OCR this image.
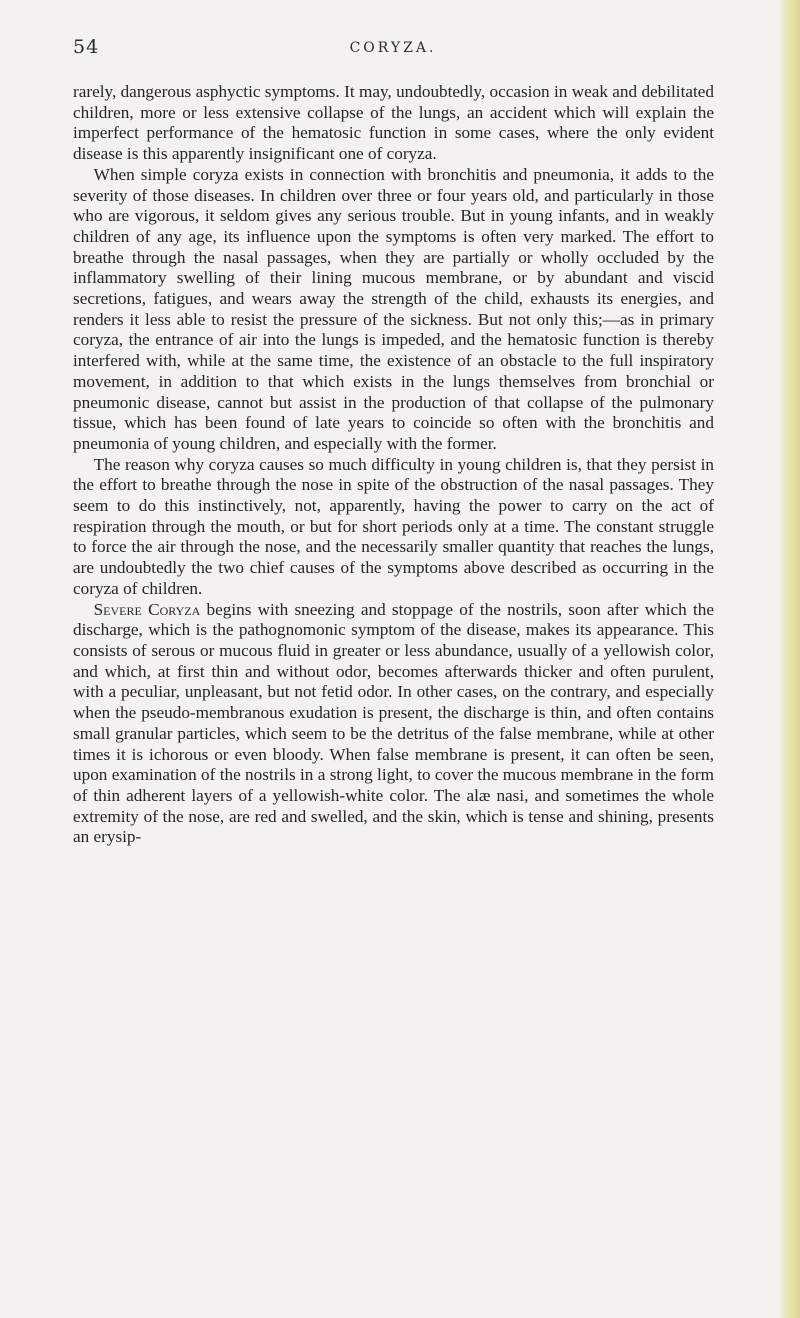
54	CORYZA.

rarely, dangerous asphyctic symptoms. It may, undoubtedly, occasion in weak and debilitated children, more or less extensive collapse of the lungs, an accident which will explain the imperfect performance of the hematosic function in some cases, where the only evident disease is this apparently insignificant one of coryza.

When simple coryza exists in connection with bronchitis and pneumonia, it adds to the severity of those diseases. In children over three or four years old, and particularly in those who are vigorous, it seldom gives any serious trouble. But in young infants, and in weakly children of any age, its influence upon the symptoms is often very marked. The effort to breathe through the nasal passages, when they are partially or wholly occluded by the inflammatory swelling of their lining mucous membrane, or by abundant and viscid secretions, fatigues, and wears away the strength of the child, exhausts its energies, and renders it less able to resist the pressure of the sickness. But not only this;—as in primary coryza, the entrance of air into the lungs is impeded, and the hematosic function is thereby interfered with, while at the same time, the existence of an obstacle to the full inspiratory movement, in addition to that which exists in the lungs themselves from bronchial or pneumonic disease, cannot but assist in the production of that collapse of the pulmonary tissue, which has been found of late years to coincide so often with the bronchitis and pneumonia of young children, and especially with the former.

The reason why coryza causes so much difficulty in young children is, that they persist in the effort to breathe through the nose in spite of the obstruction of the nasal passages. They seem to do this instinctively, not, apparently, having the power to carry on the act of respiration through the mouth, or but for short periods only at a time. The constant struggle to force the air through the nose, and the necessarily smaller quantity that reaches the lungs, are undoubtedly the two chief causes of the symptoms above described as occurring in the coryza of children.

Severe Coryza begins with sneezing and stoppage of the nostrils, soon after which the discharge, which is the pathognomonic symptom of the disease, makes its appearance. This consists of serous or mucous fluid in greater or less abundance, usually of a yellowish color, and which, at first thin and without odor, becomes afterwards thicker and often purulent, with a peculiar, unpleasant, but not fetid odor. In other cases, on the contrary, and especially when the pseudo-membranous exudation is present, the discharge is thin, and often contains small granular particles, which seem to be the detritus of the false membrane, while at other times it is ichorous or even bloody. When false membrane is present, it can often be seen, upon examination of the nostrils in a strong light, to cover the mucous membrane in the form of thin adherent layers of a yellowish-white color. The alæ nasi, and sometimes the whole extremity of the nose, are red and swelled, and the skin, which is tense and shining, presents an erysip-
